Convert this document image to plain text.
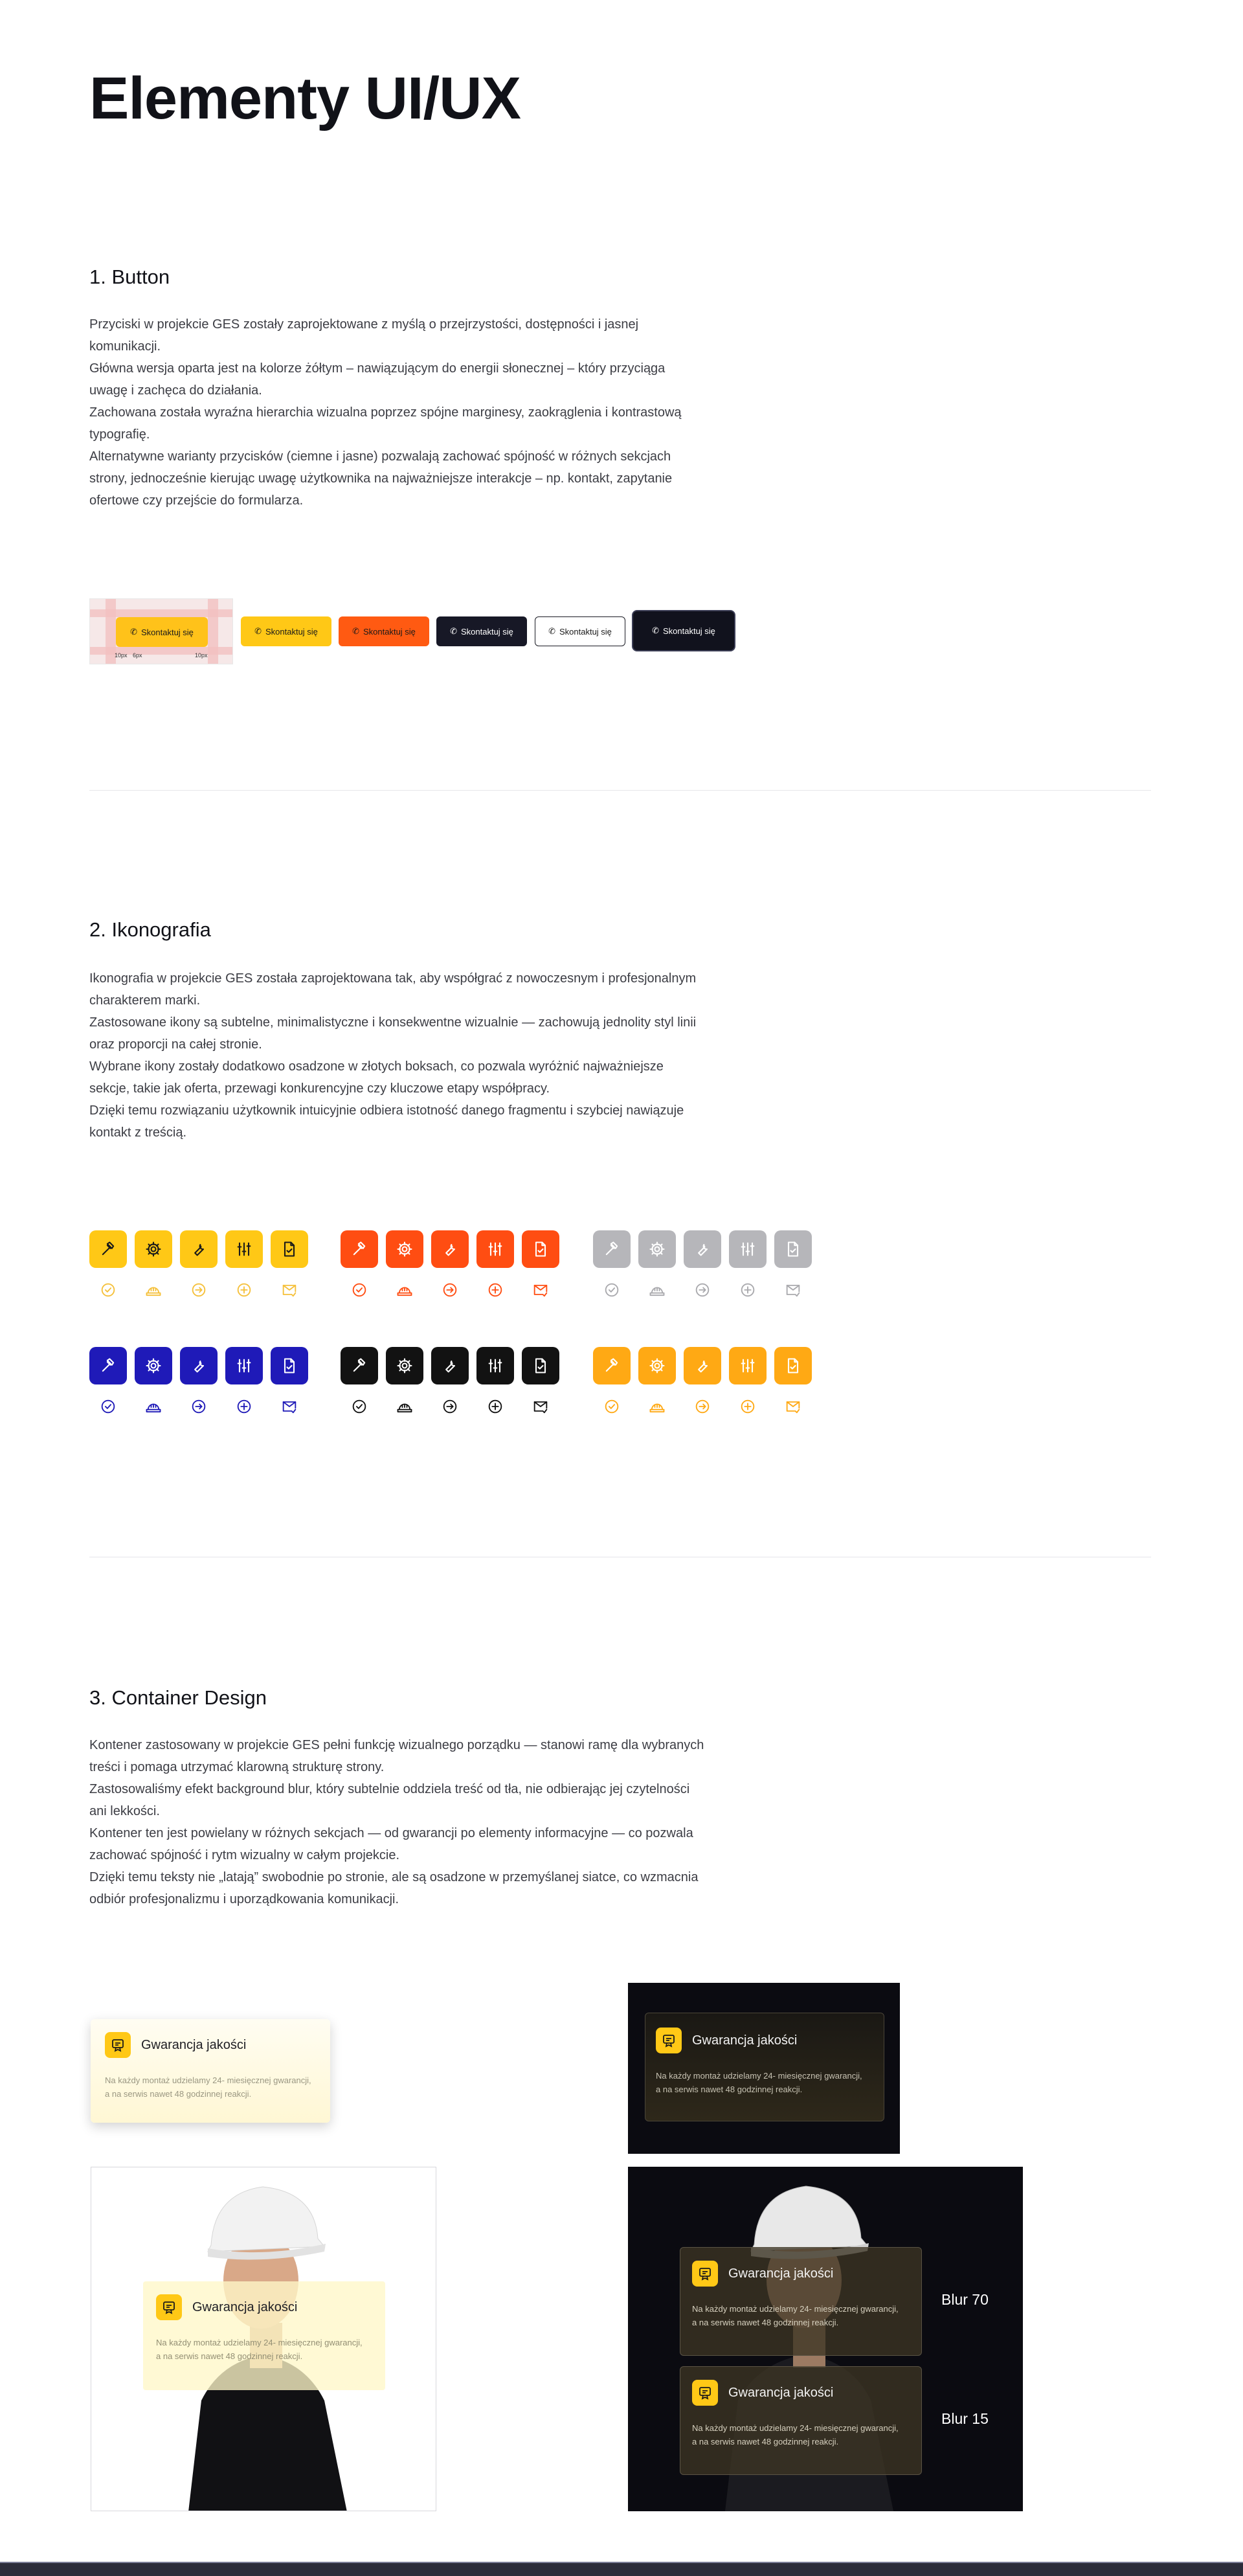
Elementy UI/UX
1. Button

Przyciski w projekcie GES zostały zaprojektowane z myślą o przejrzystości, dostępności i jasnej

komunikacji.

Główna wersja oparta jest na kolorze żółtym – nawiązującym do energii słonecznej – który przyciąga

uwagę i zachęca do działania.

Zachowana została wyraźna hierarchia wizualna poprzez spójne marginesy, zaokrąglenia i kontrastową

typografię.

Alternatywne warianty przycisków (ciemne i jasne) pozwalają zachować spójność w różnych sekcjach

strony, jednocześnie kierując uwagę użytkownika na najważniejsze interakcje – np. kontakt, zapytanie

ofertowe czy przejście do formularza.

✆ Skontaktuj się
10px 6px	10px
✆ Skontaktuj się	✆ Skontaktuj się	✆ Skontaktuj się	✆ Skontaktuj się	✆ Skontaktuj się
2. Ikonografia

Ikonografia w projekcie GES została zaprojektowana tak, aby współgrać z nowoczesnym i profesjonalnym

charakterem marki.

Zastosowane ikony są subtelne, minimalistyczne i konsekwentne wizualnie — zachowują jednolity styl linii

oraz proporcji na całej stronie.

Wybrane ikony zostały dodatkowo osadzone w złotych boksach, co pozwala wyróżnić najważniejsze

sekcje, takie jak oferta, przewagi konkurencyjne czy kluczowe etapy współpracy.

Dzięki temu rozwiązaniu użytkownik intuicyjnie odbiera istotność danego fragmentu i szybciej nawiązuje

kontakt z treścią.

3. Container Design

Kontener zastosowany w projekcie GES pełni funkcję wizualnego porządku — stanowi ramę dla wybranych

treści i pomaga utrzymać klarowną strukturę strony.

Zastosowaliśmy efekt background blur, który subtelnie oddziela treść od tła, nie odbierając jej czytelności

ani lekkości.

Kontener ten jest powielany w różnych sekcjach — od gwarancji po elementy informacyjne — co pozwala

zachować spójność i rytm wizualny w całym projekcie.

Dzięki temu teksty nie „latają” swobodnie po stronie, ale są osadzone w przemyślanej siatce, co wzmacnia

odbiór profesjonalizmu i uporządkowania komunikacji.

Gwarancja jakości

Na każdy montaż udzielamy 24- miesięcznej gwarancji, a na serwis nawet 48 godzinnej reakcji.

Gwarancja jakości

Na każdy montaż udzielamy 24- miesięcznej gwarancji, a na serwis nawet 48 godzinnej reakcji.

Gwarancja jakości

Na każdy montaż udzielamy 24- miesięcznej gwarancji, a na serwis nawet 48 godzinnej reakcji.

Gwarancja jakości

Na każdy montaż udzielamy 24- miesięcznej gwarancji, a na serwis nawet 48 godzinnej reakcji.

Blur 70
Gwarancja jakości

Na każdy montaż udzielamy 24- miesięcznej gwarancji, a na serwis nawet 48 godzinnej reakcji.

Blur 15
